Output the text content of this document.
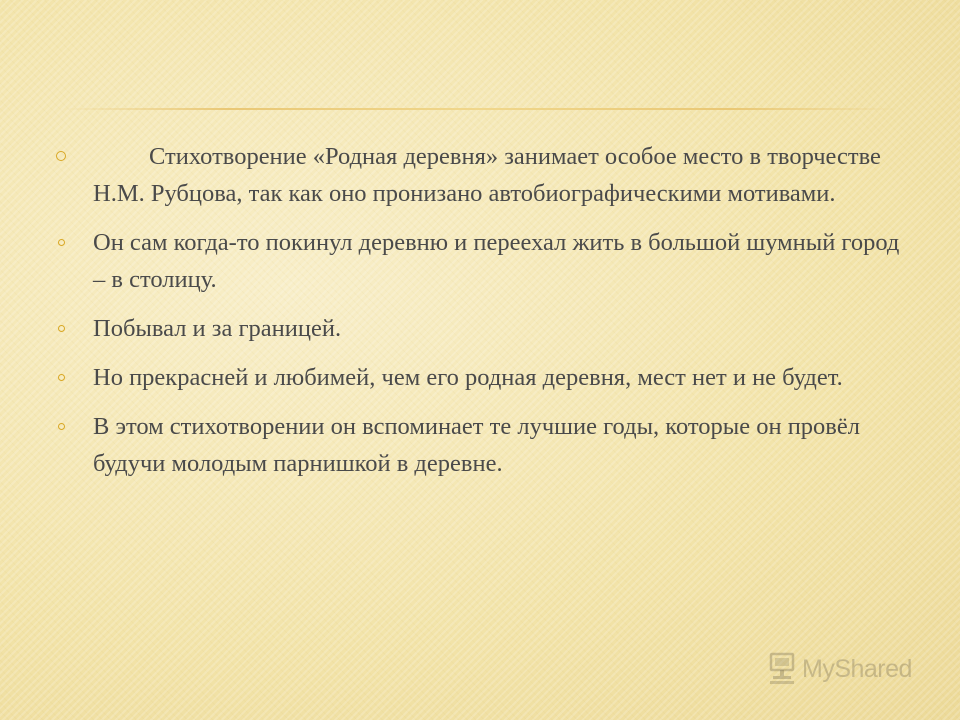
Стихотворение «Родная деревня» занимает особое место в творчестве Н.М. Рубцова, так как оно пронизано автобиографическими мотивами.
Он сам когда-то покинул деревню и переехал жить в большой шумный город – в столицу.
Побывал и за границей.
Но прекрасней и любимей, чем его родная деревня, мест нет и не будет.
В этом стихотворении он вспоминает те лучшие годы, которые он провёл будучи молодым парнишкой в деревне.
MyShared
